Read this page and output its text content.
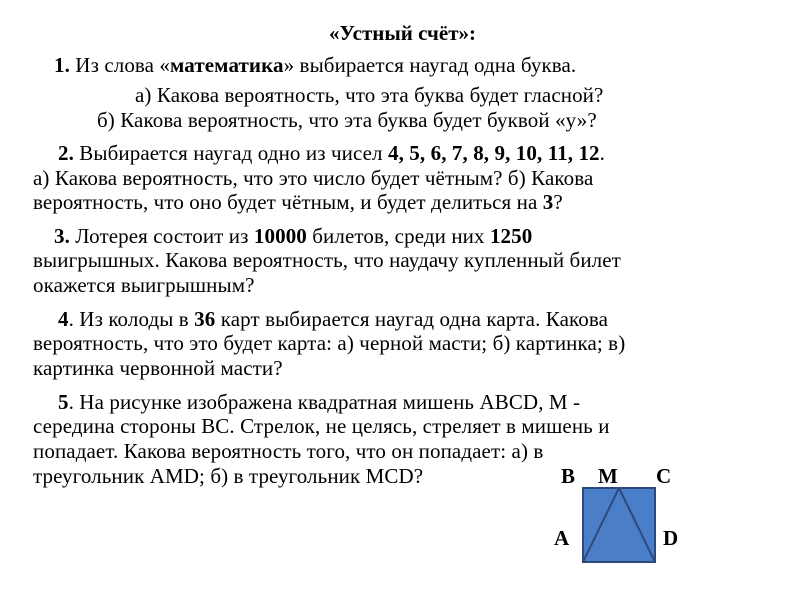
«Устный счёт»:
1. Из слова «математика» выбирается наугад одна буква.
а) Какова вероятность, что эта буква будет гласной?
б) Какова вероятность, что эта буква будет буквой «у»?
2. Выбирается наугад одно из чисел 4, 5, 6, 7, 8, 9, 10, 11, 12.
а) Какова вероятность, что это число будет чётным? б) Какова
вероятность, что оно будет чётным, и будет делиться на 3?
3. Лотерея состоит из 10000 билетов, среди них 1250
выигрышных. Какова вероятность, что наудачу купленный билет
окажется выигрышным?
4. Из колоды в 36 карт выбирается наугад одна карта. Какова
вероятность, что это будет карта: а) черной масти; б) картинка; в)
картинка червонной масти?
5. На рисунке изображена квадратная мишень ABCD, М -
середина стороны ВС. Стрелок, не целясь, стреляет в мишень и
попадает. Какова вероятность того, что он попадает: а) в
треугольник AMD; б) в треугольник MCD?	B M C
A	D
